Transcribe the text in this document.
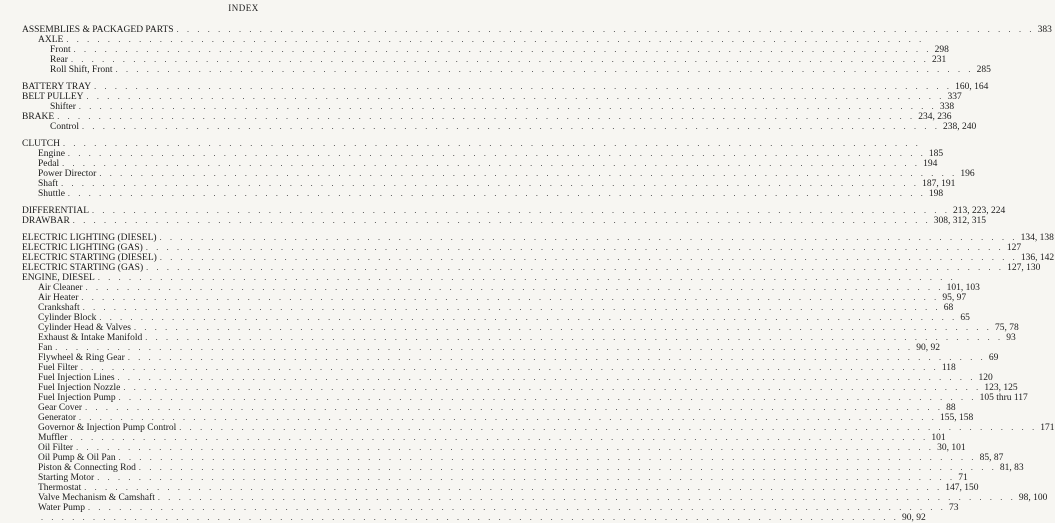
INDEX
ASSEMBLIES & PACKAGED PARTS . . . . . . . . . . . . . . . . . . . . . . . . . . . . . . . . . . . . . . . . . . . . . . . . . . . . . . . . . . . . . . . . . . . . . . . . . . . . . . . . . . . 383
AXLE . . . . . . . . . . . . . . . . . . . . . . . . . . . . . . . . . . . . . . . . . . . . . . . . . . . . . . . . . . . . . . . . . . . . . . . . . . . . . . . . . . .
Front . . . . . . . . . . . . . . . . . . . . . . . . . . . . . . . . . . . . . . . . . . . . . . . . . . . . . . . . . . . . . . . . . . . . . . . . . . . . . . . . . . . 298
Rear . . . . . . . . . . . . . . . . . . . . . . . . . . . . . . . . . . . . . . . . . . . . . . . . . . . . . . . . . . . . . . . . . . . . . . . . . . . . . . . . . . . 231
Roll Shift, Front . . . . . . . . . . . . . . . . . . . . . . . . . . . . . . . . . . . . . . . . . . . . . . . . . . . . . . . . . . . . . . . . . . . . . . . . . . . . . . . . . . . 285
BATTERY TRAY . . . . . . . . . . . . . . . . . . . . . . . . . . . . . . . . . . . . . . . . . . . . . . . . . . . . . . . . . . . . . . . . . . . . . . . . . . . . . . . . . . . 160, 164
BELT PULLEY . . . . . . . . . . . . . . . . . . . . . . . . . . . . . . . . . . . . . . . . . . . . . . . . . . . . . . . . . . . . . . . . . . . . . . . . . . . . . . . . . . . 337
Shifter . . . . . . . . . . . . . . . . . . . . . . . . . . . . . . . . . . . . . . . . . . . . . . . . . . . . . . . . . . . . . . . . . . . . . . . . . . . . . . . . . . . 338
BRAKE . . . . . . . . . . . . . . . . . . . . . . . . . . . . . . . . . . . . . . . . . . . . . . . . . . . . . . . . . . . . . . . . . . . . . . . . . . . . . . . . . . . 234, 236
Control . . . . . . . . . . . . . . . . . . . . . . . . . . . . . . . . . . . . . . . . . . . . . . . . . . . . . . . . . . . . . . . . . . . . . . . . . . . . . . . . . . . 238, 240
CLUTCH . . . . . . . . . . . . . . . . . . . . . . . . . . . . . . . . . . . . . . . . . . . . . . . . . . . . . . . . . . . . . . . . . . . . . . . . . . . . . . . . . . .
Engine . . . . . . . . . . . . . . . . . . . . . . . . . . . . . . . . . . . . . . . . . . . . . . . . . . . . . . . . . . . . . . . . . . . . . . . . . . . . . . . . . . . 185
Pedal . . . . . . . . . . . . . . . . . . . . . . . . . . . . . . . . . . . . . . . . . . . . . . . . . . . . . . . . . . . . . . . . . . . . . . . . . . . . . . . . . . . 194
Power Director . . . . . . . . . . . . . . . . . . . . . . . . . . . . . . . . . . . . . . . . . . . . . . . . . . . . . . . . . . . . . . . . . . . . . . . . . . . . . . . . . . . 196
Shaft . . . . . . . . . . . . . . . . . . . . . . . . . . . . . . . . . . . . . . . . . . . . . . . . . . . . . . . . . . . . . . . . . . . . . . . . . . . . . . . . . . . 187, 191
Shuttle . . . . . . . . . . . . . . . . . . . . . . . . . . . . . . . . . . . . . . . . . . . . . . . . . . . . . . . . . . . . . . . . . . . . . . . . . . . . . . . . . . . 198
DIFFERENTIAL . . . . . . . . . . . . . . . . . . . . . . . . . . . . . . . . . . . . . . . . . . . . . . . . . . . . . . . . . . . . . . . . . . . . . . . . . . . . . . . . . . . 213, 223, 224
DRAWBAR . . . . . . . . . . . . . . . . . . . . . . . . . . . . . . . . . . . . . . . . . . . . . . . . . . . . . . . . . . . . . . . . . . . . . . . . . . . . . . . . . . . 308, 312, 315
ELECTRIC LIGHTING (DIESEL) . . . . . . . . . . . . . . . . . . . . . . . . . . . . . . . . . . . . . . . . . . . . . . . . . . . . . . . . . . . . . . . . . . . . . . . . . . . . . . . . . . . 134, 138
ELECTRIC LIGHTING (GAS) . . . . . . . . . . . . . . . . . . . . . . . . . . . . . . . . . . . . . . . . . . . . . . . . . . . . . . . . . . . . . . . . . . . . . . . . . . . . . . . . . . . 127
ELECTRIC STARTING (DIESEL) . . . . . . . . . . . . . . . . . . . . . . . . . . . . . . . . . . . . . . . . . . . . . . . . . . . . . . . . . . . . . . . . . . . . . . . . . . . . . . . . . . . 136, 142
ELECTRIC STARTING (GAS) . . . . . . . . . . . . . . . . . . . . . . . . . . . . . . . . . . . . . . . . . . . . . . . . . . . . . . . . . . . . . . . . . . . . . . . . . . . . . . . . . . . 127, 130
ENGINE, DIESEL . . . . . . . . . . . . . . . . . . . . . . . . . . . . . . . . . . . . . . . . . . . . . . . . . . . . . . . . . . . . . . . . . . . . . . . . . . . . . . . . . . .
Air Cleaner . . . . . . . . . . . . . . . . . . . . . . . . . . . . . . . . . . . . . . . . . . . . . . . . . . . . . . . . . . . . . . . . . . . . . . . . . . . . . . . . . . . 101, 103
Air Heater . . . . . . . . . . . . . . . . . . . . . . . . . . . . . . . . . . . . . . . . . . . . . . . . . . . . . . . . . . . . . . . . . . . . . . . . . . . . . . . . . . . 95, 97
Crankshaft . . . . . . . . . . . . . . . . . . . . . . . . . . . . . . . . . . . . . . . . . . . . . . . . . . . . . . . . . . . . . . . . . . . . . . . . . . . . . . . . . . . 68
Cylinder Block . . . . . . . . . . . . . . . . . . . . . . . . . . . . . . . . . . . . . . . . . . . . . . . . . . . . . . . . . . . . . . . . . . . . . . . . . . . . . . . . . . . 65
Cylinder Head & Valves . . . . . . . . . . . . . . . . . . . . . . . . . . . . . . . . . . . . . . . . . . . . . . . . . . . . . . . . . . . . . . . . . . . . . . . . . . . . . . . . . . . 75, 78
Exhaust & Intake Manifold . . . . . . . . . . . . . . . . . . . . . . . . . . . . . . . . . . . . . . . . . . . . . . . . . . . . . . . . . . . . . . . . . . . . . . . . . . . . . . . . . . . 93
Fan . . . . . . . . . . . . . . . . . . . . . . . . . . . . . . . . . . . . . . . . . . . . . . . . . . . . . . . . . . . . . . . . . . . . . . . . . . . . . . . . . . . 90, 92
Flywheel & Ring Gear . . . . . . . . . . . . . . . . . . . . . . . . . . . . . . . . . . . . . . . . . . . . . . . . . . . . . . . . . . . . . . . . . . . . . . . . . . . . . . . . . . . 69
Fuel Filter . . . . . . . . . . . . . . . . . . . . . . . . . . . . . . . . . . . . . . . . . . . . . . . . . . . . . . . . . . . . . . . . . . . . . . . . . . . . . . . . . . . 118
Fuel Injection Lines . . . . . . . . . . . . . . . . . . . . . . . . . . . . . . . . . . . . . . . . . . . . . . . . . . . . . . . . . . . . . . . . . . . . . . . . . . . . . . . . . . . 120
Fuel Injection Nozzle . . . . . . . . . . . . . . . . . . . . . . . . . . . . . . . . . . . . . . . . . . . . . . . . . . . . . . . . . . . . . . . . . . . . . . . . . . . . . . . . . . . 123, 125
Fuel Injection Pump . . . . . . . . . . . . . . . . . . . . . . . . . . . . . . . . . . . . . . . . . . . . . . . . . . . . . . . . . . . . . . . . . . . . . . . . . . . . . . . . . . . 105 thru 117
Gear Cover . . . . . . . . . . . . . . . . . . . . . . . . . . . . . . . . . . . . . . . . . . . . . . . . . . . . . . . . . . . . . . . . . . . . . . . . . . . . . . . . . . . 88
Generator . . . . . . . . . . . . . . . . . . . . . . . . . . . . . . . . . . . . . . . . . . . . . . . . . . . . . . . . . . . . . . . . . . . . . . . . . . . . . . . . . . . 155, 158
Governor & Injection Pump Control . . . . . . . . . . . . . . . . . . . . . . . . . . . . . . . . . . . . . . . . . . . . . . . . . . . . . . . . . . . . . . . . . . . . . . . . . . . . . . . . . . . 171
Muffler . . . . . . . . . . . . . . . . . . . . . . . . . . . . . . . . . . . . . . . . . . . . . . . . . . . . . . . . . . . . . . . . . . . . . . . . . . . . . . . . . . . 101
Oil Filter . . . . . . . . . . . . . . . . . . . . . . . . . . . . . . . . . . . . . . . . . . . . . . . . . . . . . . . . . . . . . . . . . . . . . . . . . . . . . . . . . . . 30, 101
Oil Pump & Oil Pan . . . . . . . . . . . . . . . . . . . . . . . . . . . . . . . . . . . . . . . . . . . . . . . . . . . . . . . . . . . . . . . . . . . . . . . . . . . . . . . . . . . 85, 87
Piston & Connecting Rod . . . . . . . . . . . . . . . . . . . . . . . . . . . . . . . . . . . . . . . . . . . . . . . . . . . . . . . . . . . . . . . . . . . . . . . . . . . . . . . . . . . 81, 83
Starting Motor . . . . . . . . . . . . . . . . . . . . . . . . . . . . . . . . . . . . . . . . . . . . . . . . . . . . . . . . . . . . . . . . . . . . . . . . . . . . . . . . . . . 71
Thermostat . . . . . . . . . . . . . . . . . . . . . . . . . . . . . . . . . . . . . . . . . . . . . . . . . . . . . . . . . . . . . . . . . . . . . . . . . . . . . . . . . . . 147, 150
Valve Mechanism & Camshaft . . . . . . . . . . . . . . . . . . . . . . . . . . . . . . . . . . . . . . . . . . . . . . . . . . . . . . . . . . . . . . . . . . . . . . . . . . . . . . . . . . . 98, 100
Water Pump . . . . . . . . . . . . . . . . . . . . . . . . . . . . . . . . . . . . . . . . . . . . . . . . . . . . . . . . . . . . . . . . . . . . . . . . . . . . . . . . . . . 73
. . . . . . . . . . . . . . . . . . . . . . . . . . . . . . . . . . . . . . . . . . . . . . . . . . . . . . . . . . . . . . . . . . . . . . . . . . . . . . . . . . . 90, 92
